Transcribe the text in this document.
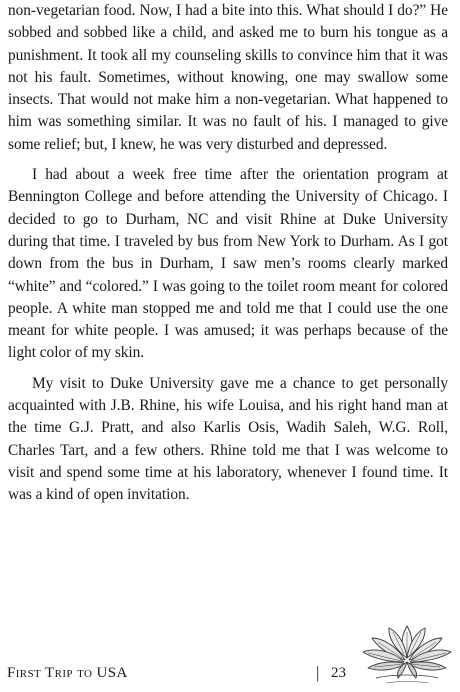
non-vegetarian food. Now, I had a bite into this. What should I do?” He sobbed and sobbed like a child, and asked me to burn his tongue as a punishment. It took all my counseling skills to convince him that it was not his fault. Sometimes, without knowing, one may swallow some insects. That would not make him a non-vegetarian. What happened to him was something similar. It was no fault of his. I managed to give some relief; but, I knew, he was very disturbed and depressed.

I had about a week free time after the orientation program at Bennington College and before attending the University of Chicago. I decided to go to Durham, NC and visit Rhine at Duke University during that time. I traveled by bus from New York to Durham. As I got down from the bus in Durham, I saw men’s rooms clearly marked “white” and “colored.” I was going to the toilet room meant for colored people. A white man stopped me and told me that I could use the one meant for white people. I was amused; it was perhaps because of the light color of my skin.

My visit to Duke University gave me a chance to get personally acquainted with J.B. Rhine, his wife Louisa, and his right hand man at the time G.J. Pratt, and also Karlis Osis, Wadih Saleh, W.G. Roll, Charles Tart, and a few others. Rhine told me that I was welcome to visit and spend some time at his laboratory, whenever I found time. It was a kind of open invitation.

First Trip to USA	| 23
